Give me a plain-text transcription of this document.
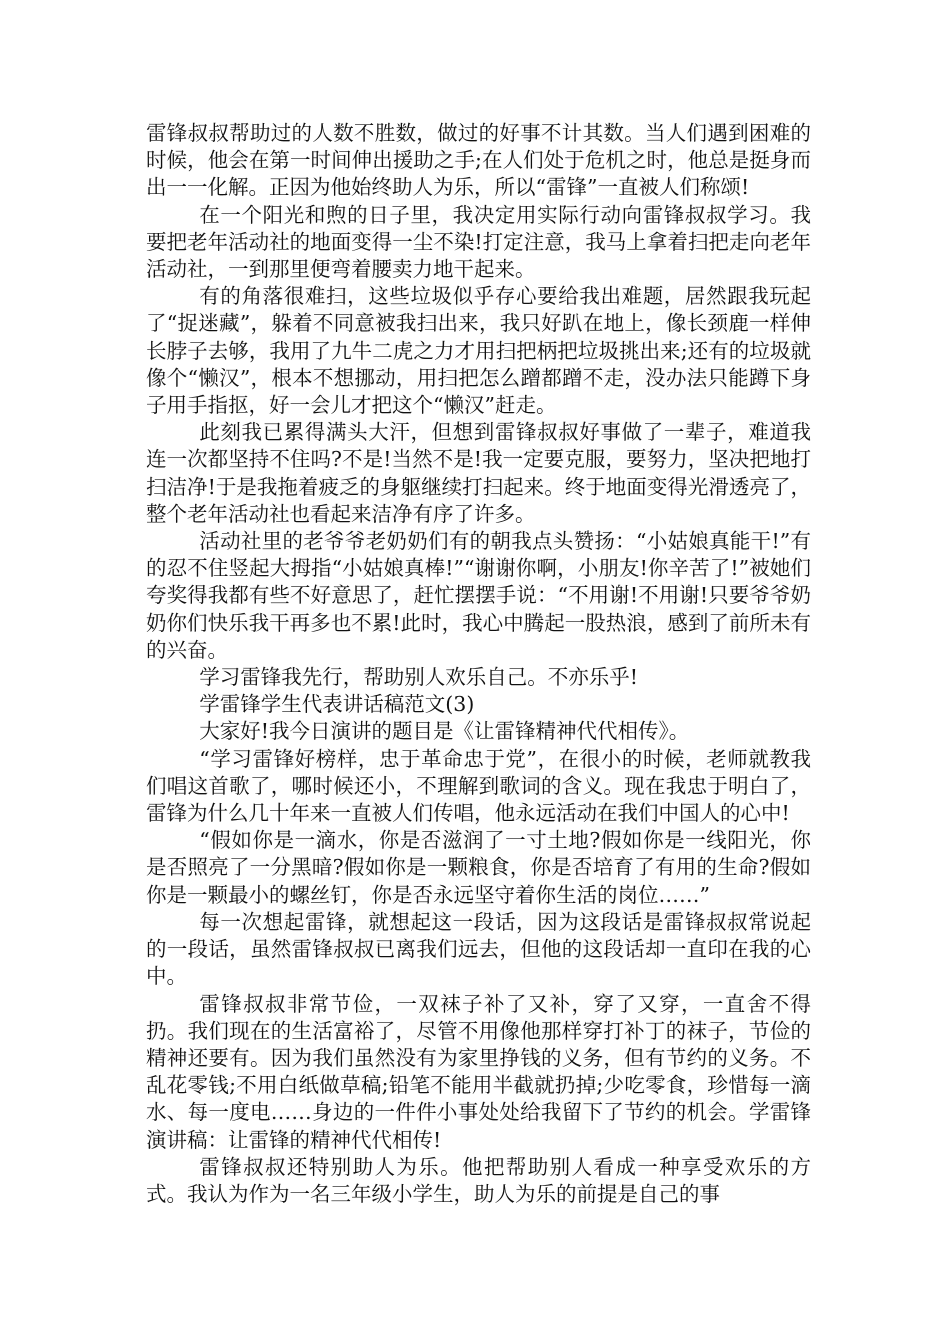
雷锋叔叔帮助过的人数不胜数，做过的好事不计其数。当人们遇到困难的时候，他会在第一时间伸出援助之手;在人们处于危机之时，他总是挺身而出一一化解。正因为他始终助人为乐，所以“雷锋”一直被人们称颂!

在一个阳光和煦的日子里，我决定用实际行动向雷锋叔叔学习。我要把老年活动社的地面变得一尘不染!打定注意，我马上拿着扫把走向老年活动社，一到那里便弯着腰卖力地干起来。

有的角落很难扫，这些垃圾似乎存心要给我出难题，居然跟我玩起了“捉迷藏”，躲着不同意被我扫出来，我只好趴在地上，像长颈鹿一样伸长脖子去够，我用了九牛二虎之力才用扫把柄把垃圾挑出来;还有的垃圾就像个“懒汉”，根本不想挪动，用扫把怎么蹭都蹭不走，没办法只能蹲下身子用手指抠，好一会儿才把这个“懒汉”赶走。

此刻我已累得满头大汗，但想到雷锋叔叔好事做了一辈子，难道我连一次都坚持不住吗?不是!当然不是!我一定要克服，要努力，坚决把地打扫洁净!于是我拖着疲乏的身躯继续打扫起来。终于地面变得光滑透亮了，整个老年活动社也看起来洁净有序了许多。

活动社里的老爷爷老奶奶们有的朝我点头赞扬：“小姑娘真能干!”有的忍不住竖起大拇指“小姑娘真棒!”“谢谢你啊，小朋友!你辛苦了!”被她们夸奖得我都有些不好意思了，赶忙摆摆手说：“不用谢!不用谢!只要爷爷奶奶你们快乐我干再多也不累!此时，我心中腾起一股热浪，感到了前所未有的兴奋。

学习雷锋我先行，帮助别人欢乐自己。不亦乐乎!

学雷锋学生代表讲话稿范文(3)

大家好!我今日演讲的题目是《让雷锋精神代代相传》。

“学习雷锋好榜样，忠于革命忠于党”，在很小的时候，老师就教我们唱这首歌了，哪时候还小，不理解到歌词的含义。现在我忠于明白了，雷锋为什么几十年来一直被人们传唱，他永远活动在我们中国人的心中!

“假如你是一滴水，你是否滋润了一寸土地?假如你是一线阳光，你是否照亮了一分黑暗?假如你是一颗粮食，你是否培育了有用的生命?假如你是一颗最小的螺丝钉，你是否永远坚守着你生活的岗位……”

每一次想起雷锋，就想起这一段话，因为这段话是雷锋叔叔常说起的一段话，虽然雷锋叔叔已离我们远去，但他的这段话却一直印在我的心中。

雷锋叔叔非常节俭，一双袜子补了又补，穿了又穿，一直舍不得扔。我们现在的生活富裕了，尽管不用像他那样穿打补丁的袜子，节俭的精神还要有。因为我们虽然没有为家里挣钱的义务，但有节约的义务。不乱花零钱;不用白纸做草稿;铅笔不能用半截就扔掉;少吃零食，珍惜每一滴水、每一度电……身边的一件件小事处处给我留下了节约的机会。学雷锋演讲稿：让雷锋的精神代代相传!

雷锋叔叔还特别助人为乐。他把帮助别人看成一种享受欢乐的方式。我认为作为一名三年级小学生，助人为乐的前提是自己的事
